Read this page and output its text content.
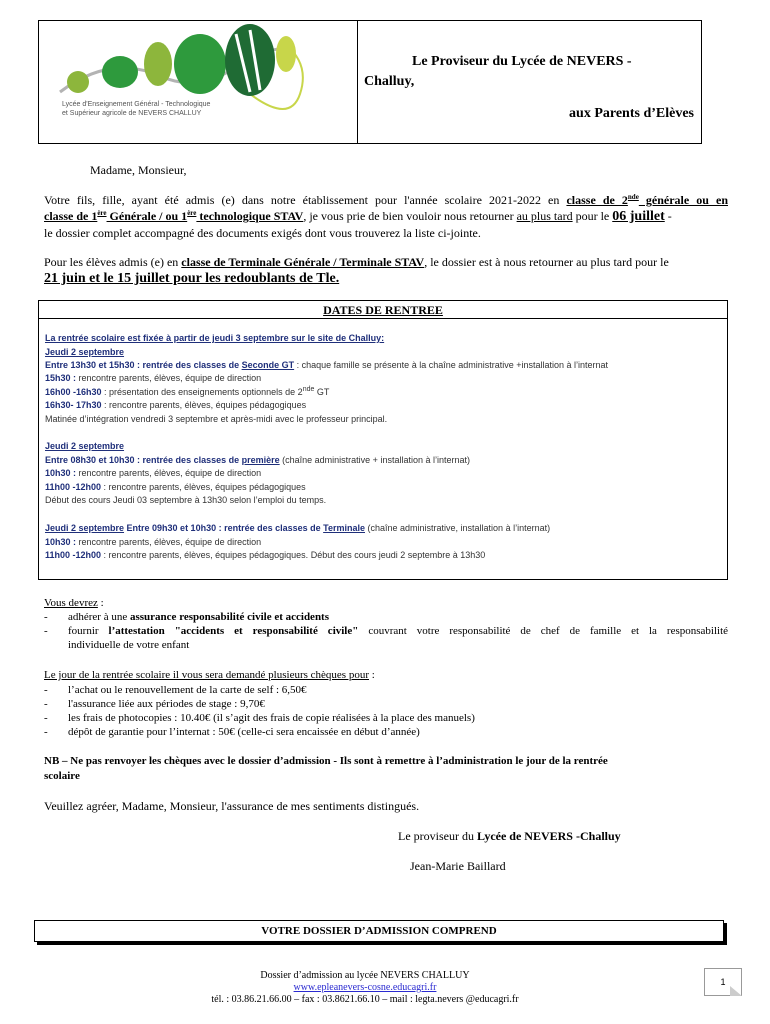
Lycée d'Enseignement Général - Technologique
et Supérieur agricole de NEVERS CHALLUY
Le Proviseur du Lycée de NEVERS -
Challuy,
aux Parents d’Elèves
Madame, Monsieur,
Votre fils, fille, ayant été admis (e) dans notre établissement pour l'année scolaire 2021-2022 en classe de 2nde générale ou en
classe de 1ère Générale / ou 1ère technologique STAV, je vous prie de bien vouloir nous retourner au plus tard pour le 06 juillet -
le dossier complet accompagné des documents exigés dont vous trouverez la liste ci-jointe.
Pour les élèves admis (e) en classe de Terminale Générale / Terminale STAV, le dossier est à nous retourner au plus tard pour le
21 juin et le 15 juillet pour les redoublants de Tle.
DATES DE RENTREE
La rentrée scolaire est fixée à partir de jeudi 3 septembre sur le site de Challuy:
Jeudi 2 septembre
Entre 13h30 et 15h30 : rentrée des classes de Seconde GT : chaque famille se présente à la chaîne administrative +installation à l’internat
15h30 : rencontre parents, élèves, équipe de direction
16h00 -16h30 : présentation des enseignements optionnels de 2nde GT
16h30- 17h30 : rencontre parents, élèves, équipes pédagogiques
Matinée d’intégration vendredi 3 septembre et après-midi avec le professeur principal.
Jeudi 2 septembre
Entre 08h30 et 10h30 : rentrée des classes de première (chaîne administrative + installation à l’internat)
10h30 : rencontre parents, élèves, équipe de direction
11h00 -12h00 : rencontre parents, élèves, équipes pédagogiques
Début des cours Jeudi 03 septembre à 13h30 selon l’emploi du temps.
Jeudi 2 septembre Entre 09h30 et 10h30 : rentrée des classes de Terminale (chaîne administrative, installation à l’internat)
10h30 : rencontre parents, élèves, équipe de direction
11h00 -12h00 : rencontre parents, élèves, équipes pédagogiques. Début des cours jeudi 2 septembre à 13h30
Vous devrez :
- adhérer à une assurance responsabilité civile et accidents
- fournir l’attestation "accidents et responsabilité civile" couvrant votre responsabilité de chef de famille et la responsabilité
individuelle de votre enfant
Le jour de la rentrée scolaire il vous sera demandé plusieurs chèques pour :
- l’achat ou le renouvellement de la carte de self : 6,50€
- l'assurance liée aux périodes de stage : 9,70€
- les frais de photocopies : 10.40€ (il s’agit des frais de copie réalisées à la place des manuels)
- dépôt de garantie pour l’internat : 50€ (celle-ci sera encaissée en début d’année)
NB – Ne pas renvoyer les chèques avec le dossier d’admission - Ils sont à remettre à l’administration le jour de la rentrée
scolaire
Veuillez agréer, Madame, Monsieur, l'assurance de mes sentiments distingués.
Le proviseur du Lycée de NEVERS -Challuy
Jean-Marie Baillard
VOTRE DOSSIER D’ADMISSION COMPREND
Dossier d’admission au lycée NEVERS CHALLUY
www.epleanevers-cosne.educagri.fr
tél. : 03.86.21.66.00 – fax : 03.8621.66.10 – mail : legta.nevers @educagri.fr
1
